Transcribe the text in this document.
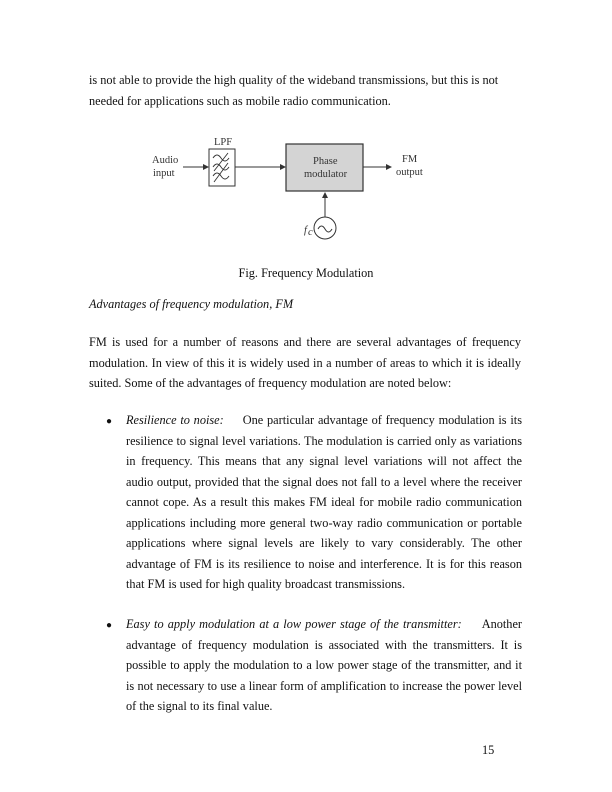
is not able to provide the high quality of the wideband transmissions, but this is not
needed for applications such as mobile radio communication.
Audio
input
LPF
Phase
modulator
FM
output
f c
Fig. Frequency Modulation
Advantages of frequency modulation, FM
FM is used for a number of reasons and there are several advantages of frequency modulation. In view of this it is widely used in a number of areas to which it is ideally suited. Some of the advantages of frequency modulation are noted below:
● Resilience to noise: One particular advantage of frequency modulation is its resilience to signal level variations. The modulation is carried only as variations in frequency. This means that any signal level variations will not affect the audio output, provided that the signal does not fall to a level where the receiver cannot cope. As a result this makes FM ideal for mobile radio communication applications including more general two-way radio communication or portable applications where signal levels are likely to vary considerably. The other advantage of FM is its resilience to noise and interference. It is for this reason that FM is used for high quality broadcast transmissions.
● Easy to apply modulation at a low power stage of the transmitter: Another advantage of frequency modulation is associated with the transmitters. It is possible to apply the modulation to a low power stage of the transmitter, and it is not necessary to use a linear form of amplification to increase the power level of the signal to its final value.
15
